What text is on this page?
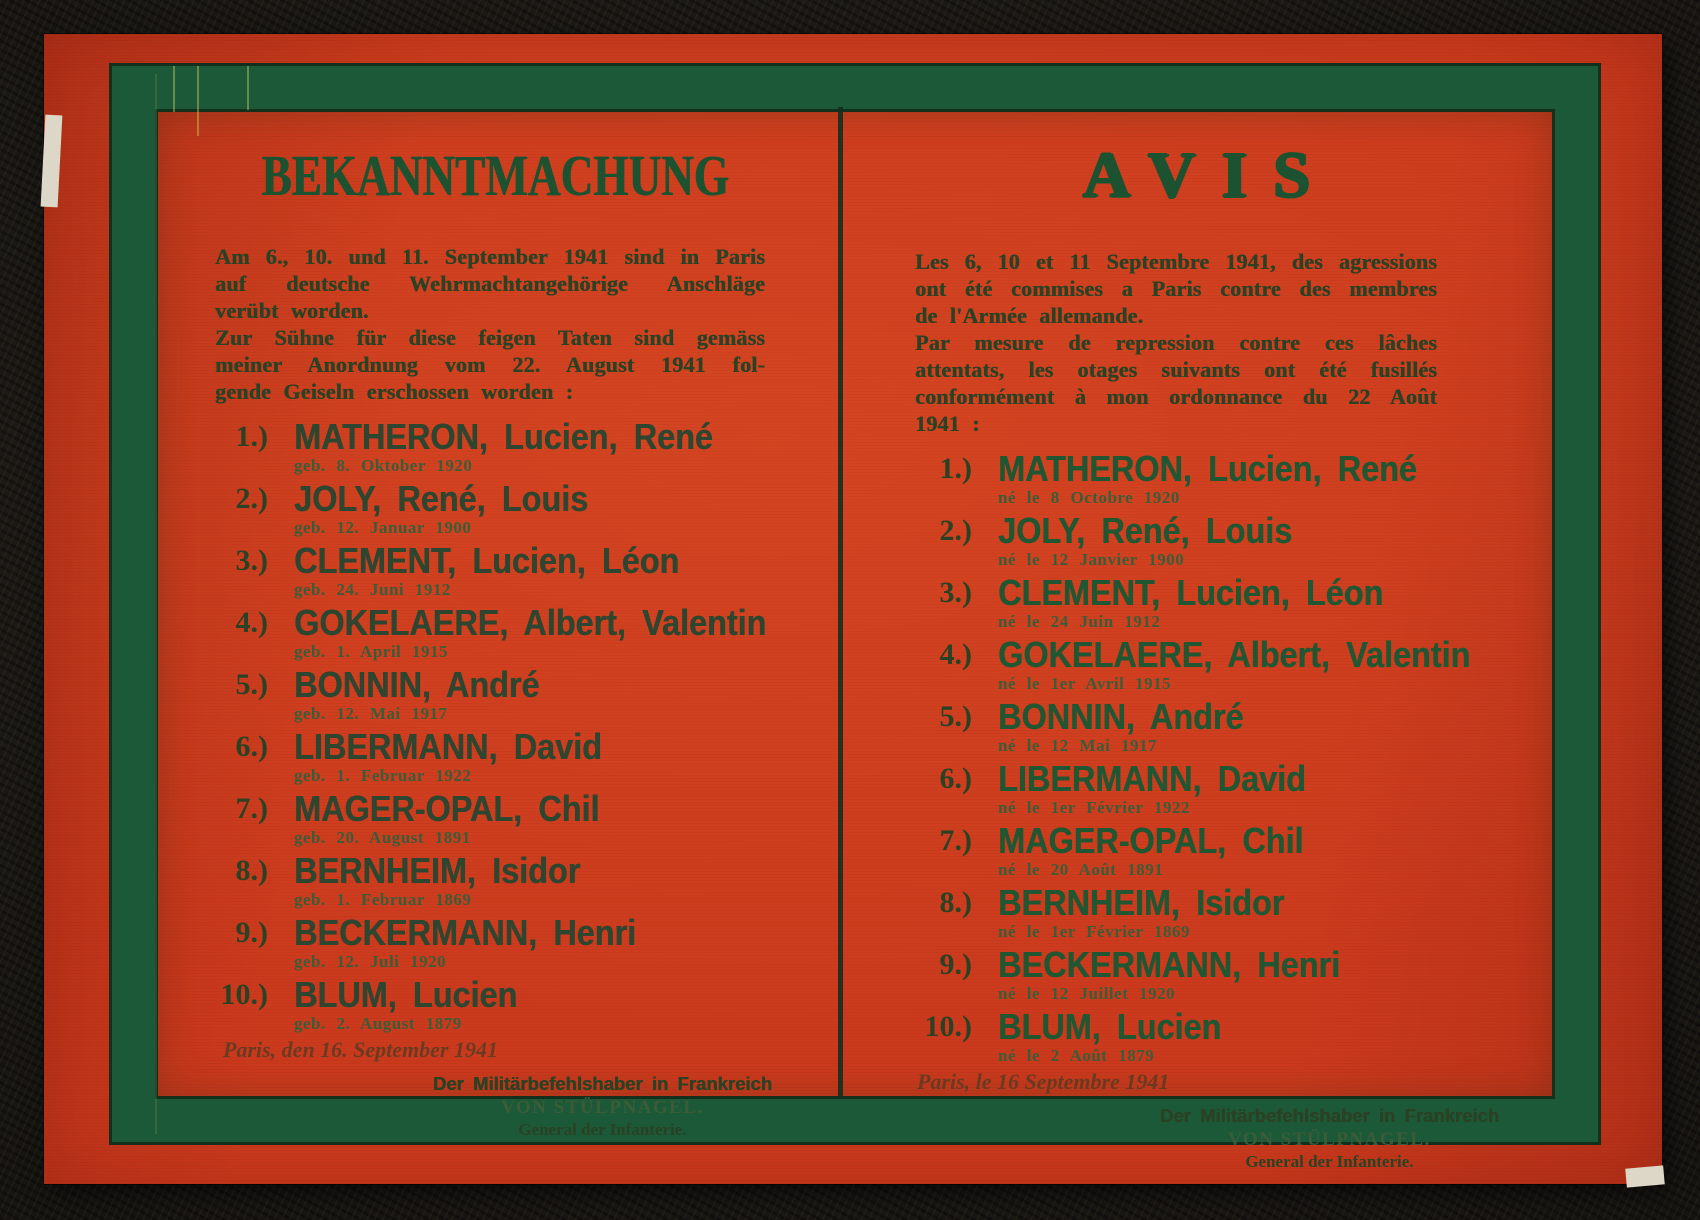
BEKANNTMACHUNG
Am 6., 10. und 11. September 1941 sind in Paris
auf deutsche Wehrmachtangehörige Anschläge
verübt worden.
Zur Sühne für diese feigen Taten sind gemäss
meiner Anordnung vom 22. August 1941 fol-
gende Geiseln erschossen worden :
1.) MATHERON, Lucien, René
geb. 8. Oktober 1920
2.) JOLY, René, Louis
geb. 12. Januar 1900
3.) CLEMENT, Lucien, Léon
geb. 24. Juni 1912
4.) GOKELAERE, Albert, Valentin
geb. 1. April 1915
5.) BONNIN, André
geb. 12. Mai 1917
6.) LIBERMANN, David
geb. 1. Februar 1922
7.) MAGER-OPAL, Chil
geb. 20. August 1891
8.) BERNHEIM, Isidor
geb. 1. Februar 1869
9.) BECKERMANN, Henri
geb. 12. Juli 1920
10.) BLUM, Lucien
geb. 2. August 1879
Paris, den 16. September 1941
Der Militärbefehlshaber in Frankreich
VON STÜLPNAGEL.
General der Infanterie.
AVIS
Les 6, 10 et 11 Septembre 1941, des agressions
ont été commises a Paris contre des membres
de l'Armée allemande.
Par mesure de repression contre ces lâches
attentats, les otages suivants ont été fusillés
conformément à mon ordonnance du 22 Août 1941 :
1.) MATHERON, Lucien, René
né le 8 Octobre 1920
2.) JOLY, René, Louis
né le 12 Janvier 1900
3.) CLEMENT, Lucien, Léon
né le 24 Juin 1912
4.) GOKELAERE, Albert, Valentin
né le 1er Avril 1915
5.) BONNIN, André
né le 12 Mai 1917
6.) LIBERMANN, David
né le 1er Février 1922
7.) MAGER-OPAL, Chil
né le 20 Août 1891
8.) BERNHEIM, Isidor
né le 1er Février 1869
9.) BECKERMANN, Henri
né le 12 Juillet 1920
10.) BLUM, Lucien
né le 2 Août 1879
Paris, le 16 Septembre 1941
Der Militärbefehlshaber in Frankreich
VON STÜLPNAGEL.
General der Infanterie.
